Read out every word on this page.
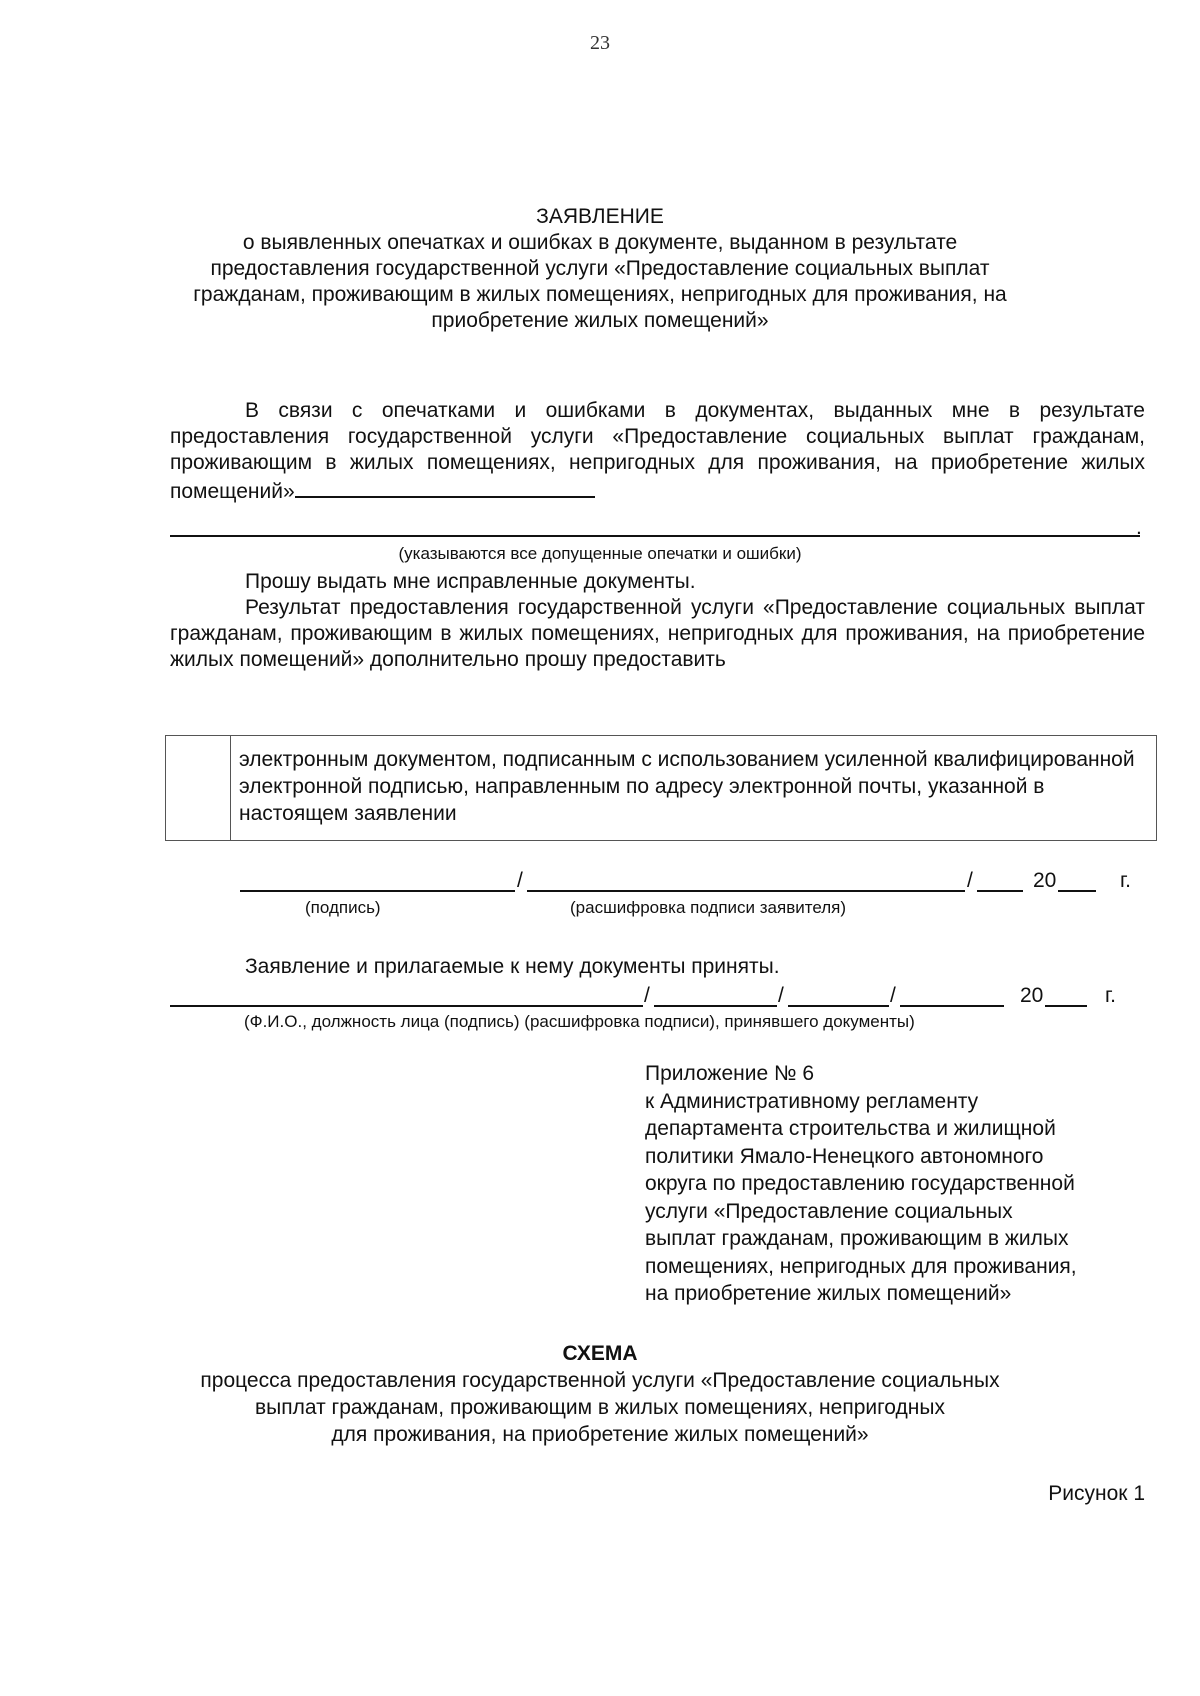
23
ЗАЯВЛЕНИЕ
о выявленных опечатках и ошибках в документе, выданном в результате
предоставления государственной услуги «Предоставление социальных выплат
гражданам, проживающим в жилых помещениях, непригодных для проживания, на
приобретение жилых помещений»

В связи с опечатками и ошибками в документах, выданных мне в результате предоставления государственной услуги «Предоставление социальных выплат гражданам, проживающим в жилых помещениях, непригодных для проживания, на приобретение жилых помещений»

.
(указываются все допущенные опечатки и ошибки)

Прошу выдать мне исправленные документы.

Результат предоставления государственной услуги «Предоставление социальных выплат гражданам, проживающим в жилых помещениях, непригодных для проживания, на приобретение жилых помещений» дополнительно прошу предоставить

электронным документом, подписанным с использованием усиленной квалифицированной электронной подписью, направленным по адресу электронной почты, указанной в настоящем заявлении
/	/	20	г.
(подпись)	(расшифровка подписи заявителя)
Заявление и прилагаемые к нему документы приняты.
/	/	/	20	г.
(Ф.И.О., должность лица (подпись) (расшифровка подписи), принявшего документы)
Приложение № 6
к Административному регламенту
департамента строительства и жилищной
политики Ямало-Ненецкого автономного
округа по предоставлению государственной
услуги «Предоставление социальных
выплат гражданам, проживающим в жилых
помещениях, непригодных для проживания,
на приобретение жилых помещений»
СХЕМА
процесса предоставления государственной услуги «Предоставление социальных
выплат гражданам, проживающим в жилых помещениях, непригодных
для проживания, на приобретение жилых помещений»
Рисунок 1
